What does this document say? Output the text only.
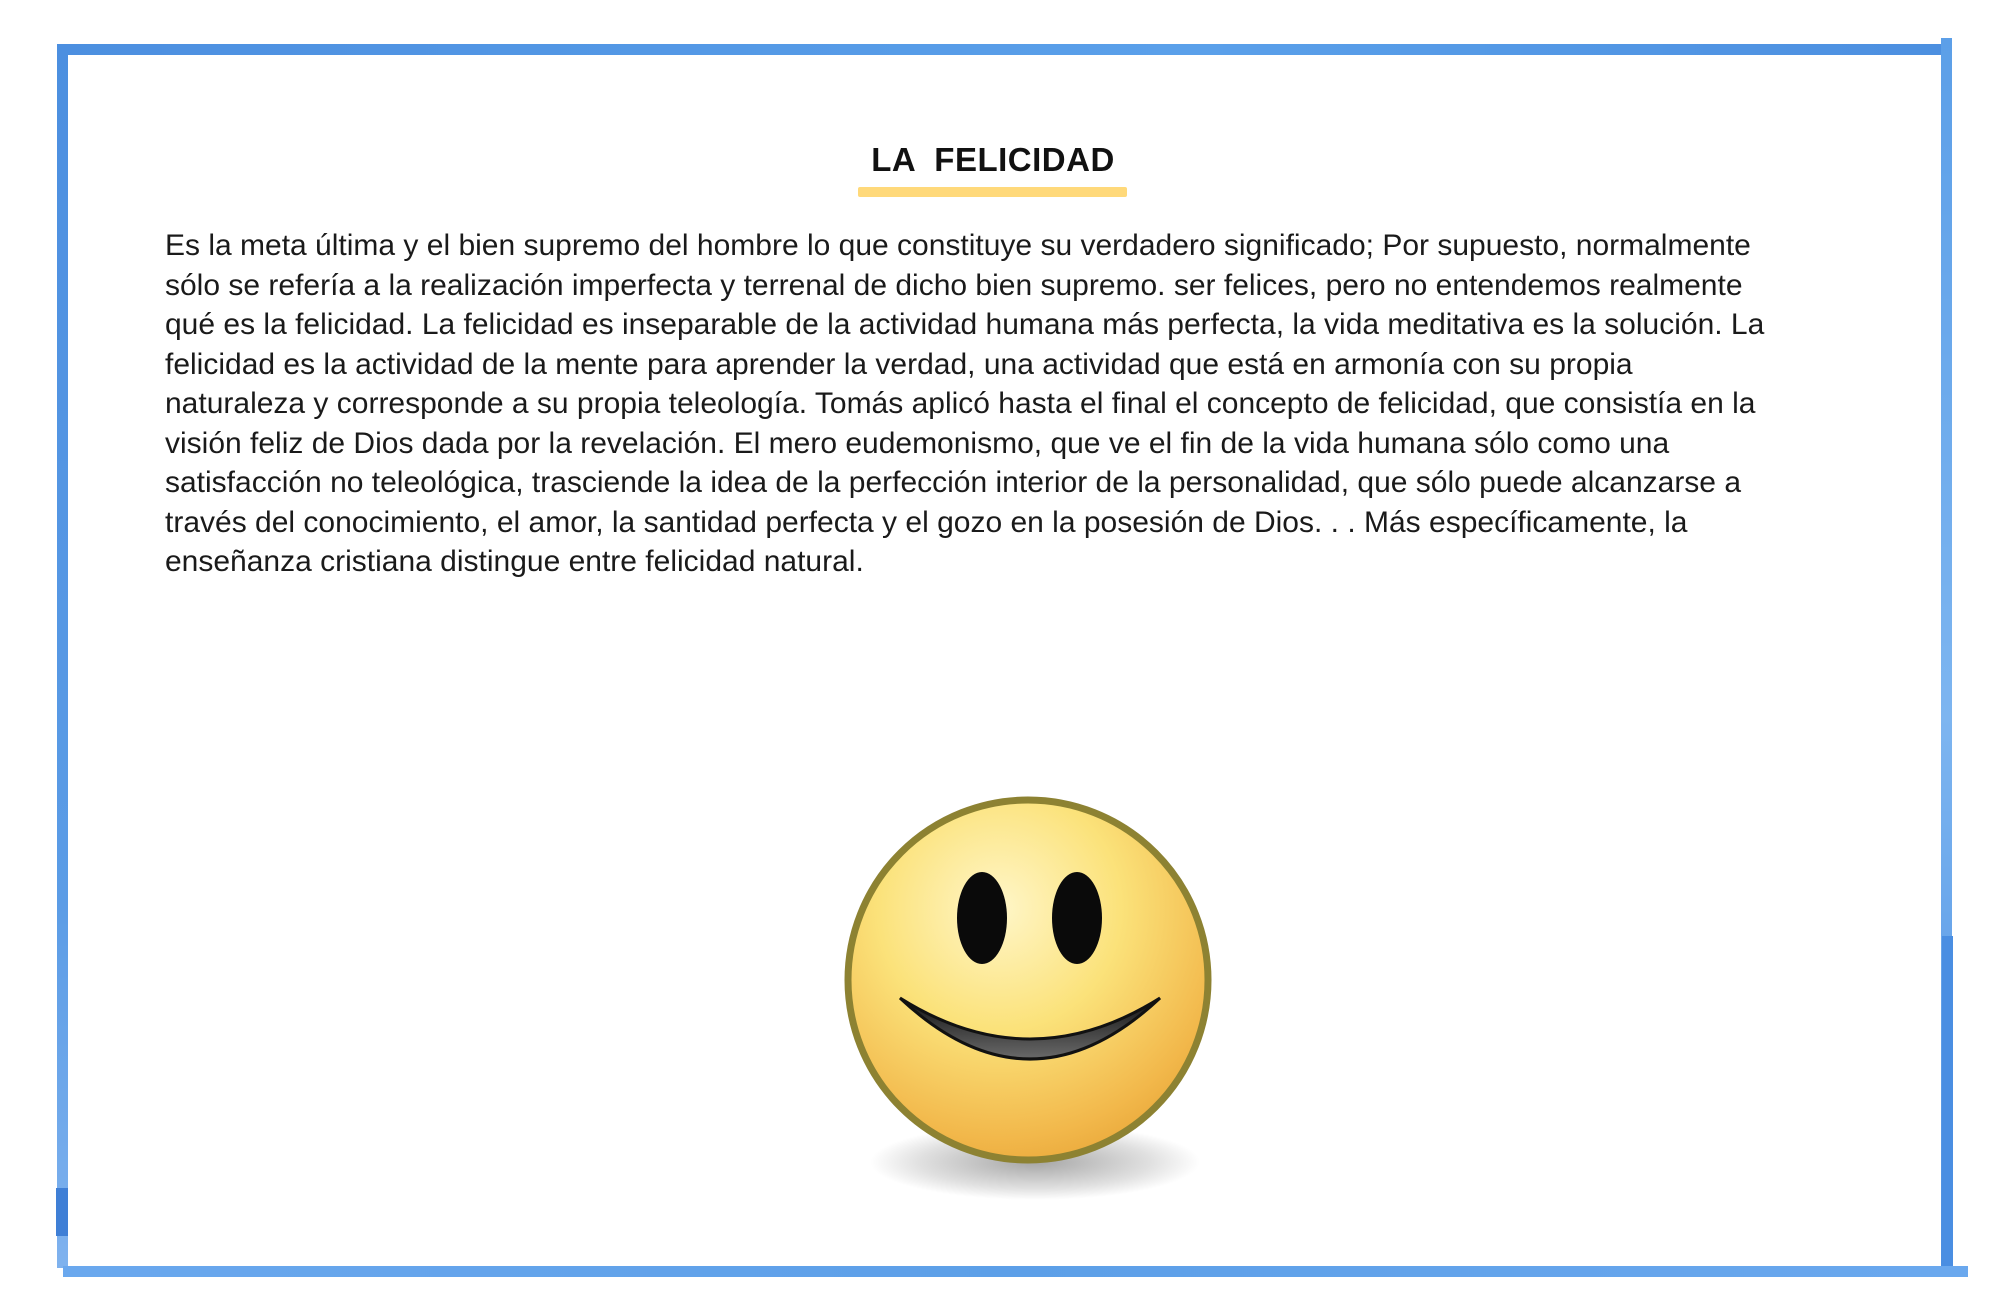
LA  FELICIDAD

Es la meta última y el bien supremo del hombre lo que constituye su verdadero significado; Por supuesto, normalmente
sólo se refería a la realización imperfecta y terrenal de dicho bien supremo. ser felices, pero no entendemos realmente
qué es la felicidad. La felicidad es inseparable de la actividad humana más perfecta, la vida meditativa es la solución. La
felicidad es la actividad de la mente para aprender la verdad, una actividad que está en armonía con su propia
naturaleza y corresponde a su propia teleología. Tomás aplicó hasta el final el concepto de felicidad, que consistía en la
visión feliz de Dios dada por la revelación. El mero eudemonismo, que ve el fin de la vida humana sólo como una
satisfacción no teleológica, trasciende la idea de la perfección interior de la personalidad, que sólo puede alcanzarse a
través del conocimiento, el amor, la santidad perfecta y el gozo en la posesión de Dios. . . Más específicamente, la
enseñanza cristiana distingue entre felicidad natural.
